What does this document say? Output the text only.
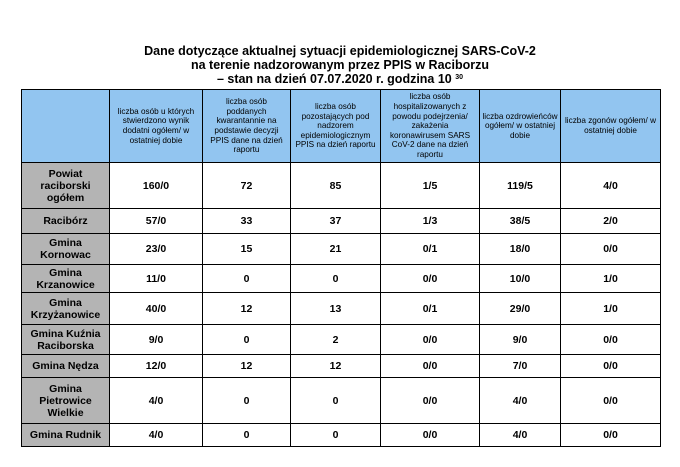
Dane dotyczące aktualnej sytuacji epidemiologicznej SARS-CoV-2
na terenie nadzorowanym przez PPIS w Raciborzu
– stan na dzień 07.07.2020 r. godzina 10 $^{30}$
	liczba osób u których stwierdzono wynik dodatni ogółem/ w ostatniej dobie	liczba osób poddanych kwarantannie na podstawie decyzji PPIS dane na dzień raportu	liczba osób pozostających pod nadzorem epidemiologicznym PPIS na dzień raportu	liczba osób hospitalizowanych z powodu podejrzenia/ zakażenia koronawirusem SARS CoV-2 dane na dzień raportu	liczba ozdrowieńców ogółem/ w ostatniej dobie	liczba zgonów ogółem/ w ostatniej dobie
Powiat raciborski ogółem	160/0	72	85	1/5	119/5	4/0
Racibórz	57/0	33	37	1/3	38/5	2/0
Gmina Kornowac	23/0	15	21	0/1	18/0	0/0
Gmina Krzanowice	11/0	0	0	0/0	10/0	1/0
Gmina Krzyżanowice	40/0	12	13	0/1	29/0	1/0
Gmina Kuźnia Raciborska	9/0	0	2	0/0	9/0	0/0
Gmina Nędza	12/0	12	12	0/0	7/0	0/0
Gmina Pietrowice Wielkie	4/0	0	0	0/0	4/0	0/0
Gmina Rudnik	4/0	0	0	0/0	4/0	0/0
